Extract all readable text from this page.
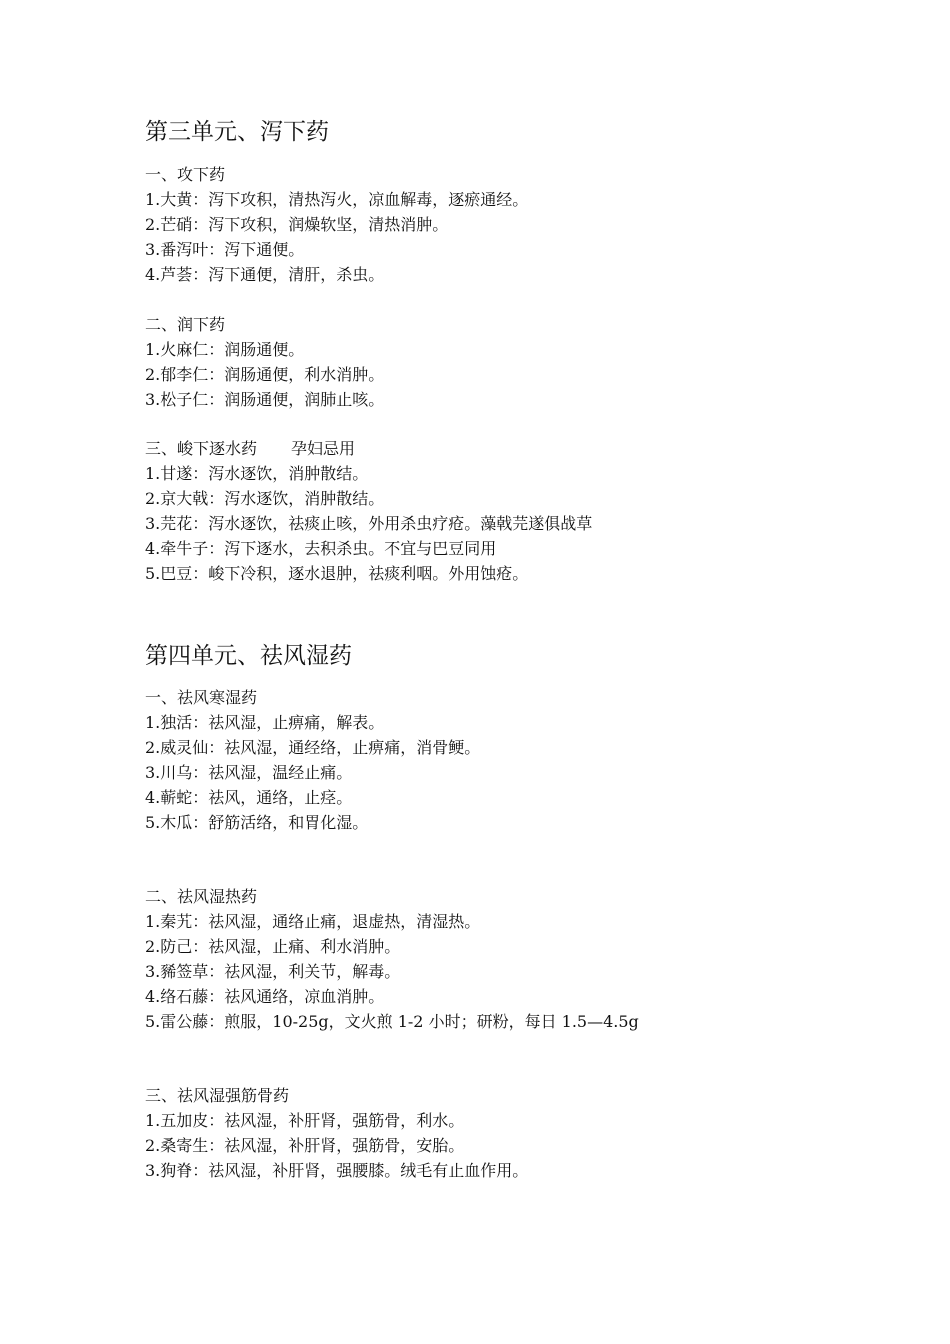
第三单元、泻下药

一、攻下药

1.大黄：泻下攻积，清热泻火，凉血解毒，逐瘀通经。

2.芒硝：泻下攻积，润燥软坚，清热消肿。

3.番泻叶：泻下通便。

4.芦荟：泻下通便，清肝，杀虫。

二、润下药

1.火麻仁：润肠通便。

2.郁李仁：润肠通便，利水消肿。

3.松子仁：润肠通便，润肺止咳。

三、峻下逐水药 孕妇忌用

1.甘遂：泻水逐饮，消肿散结。

2.京大戟：泻水逐饮，消肿散结。

3.芫花：泻水逐饮，祛痰止咳，外用杀虫疗疮。藻戟芫遂俱战草

4.牵牛子：泻下逐水，去积杀虫。不宜与巴豆同用

5.巴豆：峻下冷积，逐水退肿，祛痰利咽。外用蚀疮。

第四单元、祛风湿药

一、祛风寒湿药

1.独活：祛风湿，止痹痛，解表。

2.威灵仙：祛风湿，通经络，止痹痛，消骨鲠。

3.川乌：祛风湿，温经止痛。

4.蕲蛇：祛风，通络，止痉。

5.木瓜：舒筋活络，和胃化湿。

二、祛风湿热药

1.秦艽：祛风湿，通络止痛，退虚热，清湿热。

2.防己：祛风湿，止痛、利水消肿。

3.豨签草：祛风湿，利关节，解毒。

4.络石藤：祛风通络，凉血消肿。

5.雷公藤：煎服，10-25g，文火煎 1-2 小时；研粉，每日 1.5—4.5g

三、祛风湿强筋骨药

1.五加皮：祛风湿，补肝肾，强筋骨，利水。

2.桑寄生：祛风湿，补肝肾，强筋骨，安胎。

3.狗脊：祛风湿，补肝肾，强腰膝。绒毛有止血作用。
